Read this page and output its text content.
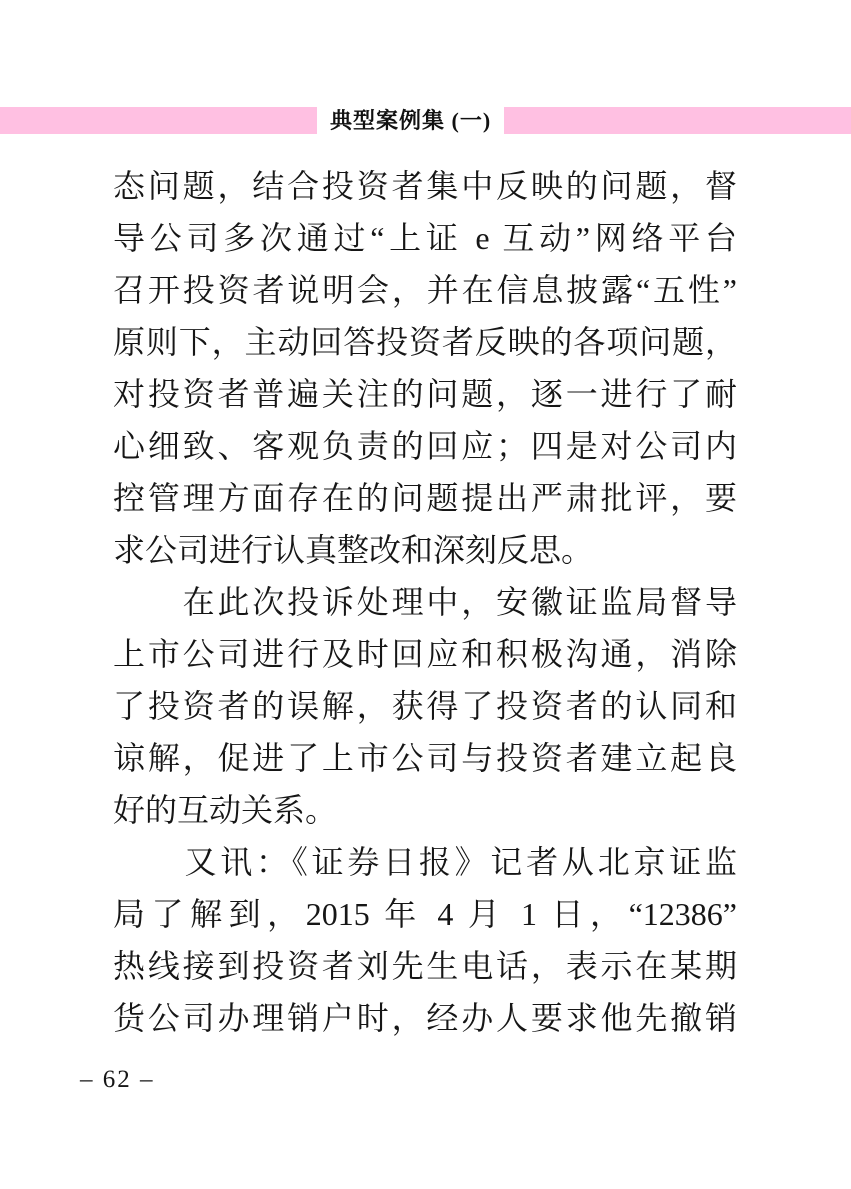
典型案例集 (一)
态问题，结合投资者集中反映的问题，督
导公司多次通过“上证 e 互动”网络平台
召开投资者说明会，并在信息披露“五性”
原则下，主动回答投资者反映的各项问题，
对投资者普遍关注的问题，逐一进行了耐
心细致、客观负责的回应；四是对公司内
控管理方面存在的问题提出严肃批评，要
求公司进行认真整改和深刻反思。
　　在此次投诉处理中，安徽证监局督导
上市公司进行及时回应和积极沟通，消除
了投资者的误解，获得了投资者的认同和
谅解，促进了上市公司与投资者建立起良
好的互动关系。
　　又讯：《证券日报》记者从北京证监
局了解到，2015 年 4 月 1 日，“12386”
热线接到投资者刘先生电话，表示在某期
货公司办理销户时，经办人要求他先撤销
– 62 –
